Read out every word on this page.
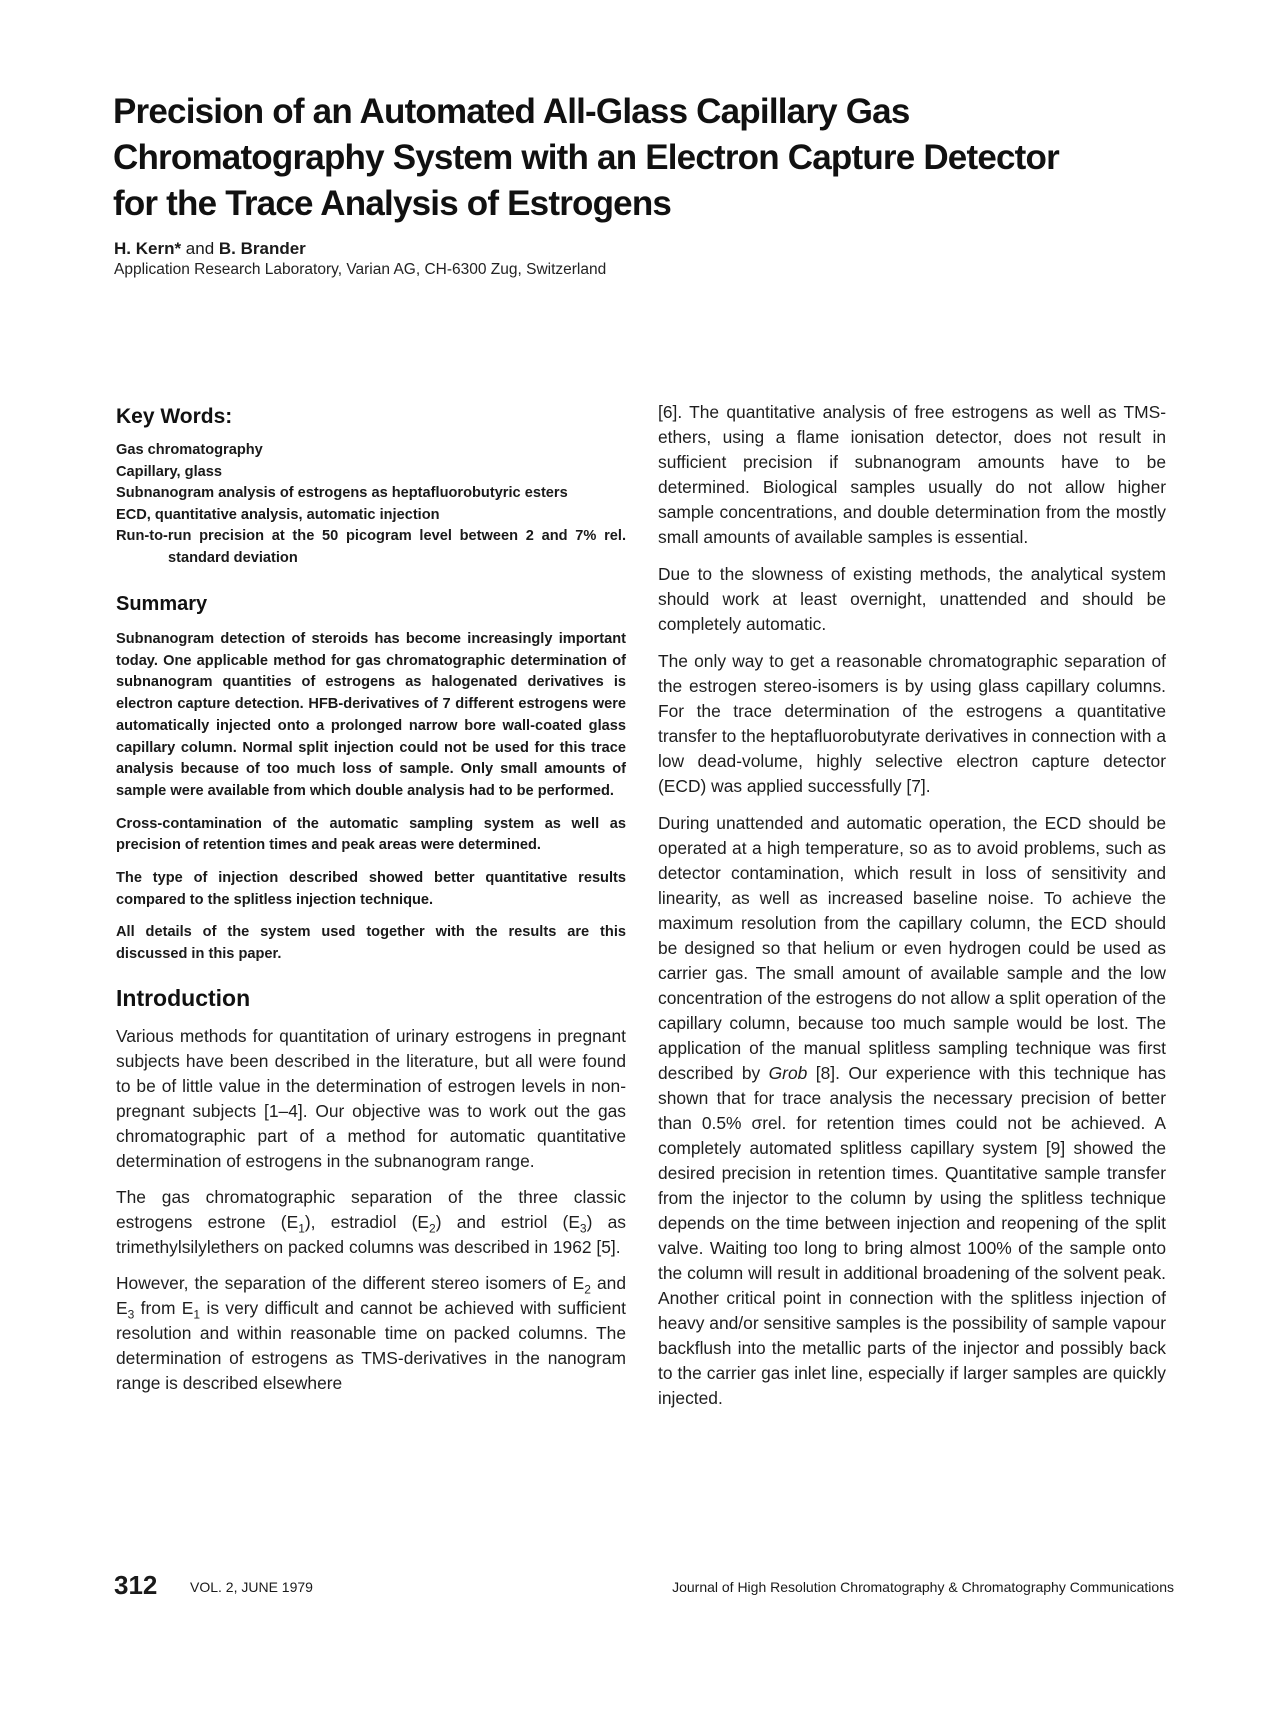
Precision of an Automated All-Glass Capillary Gas
Chromatography System with an Electron Capture Detector
for the Trace Analysis of Estrogens
H. Kern* and B. Brander
Application Research Laboratory, Varian AG, CH-6300 Zug, Switzerland
Key Words:
Gas chromatography
Capillary, glass
Subnanogram analysis of estrogens as heptafluorobutyric esters
ECD, quantitative analysis, automatic injection
Run-to-run precision at the 50 picogram level between 2 and 7% rel. standard deviation
Summary

Subnanogram detection of steroids has become increasingly important today. One applicable method for gas chromatographic determination of subnanogram quantities of estrogens as halogenated derivatives is electron capture detection. HFB-derivatives of 7 different estrogens were automatically injected onto a prolonged narrow bore wall-coated glass capillary column. Normal split injection could not be used for this trace analysis because of too much loss of sample. Only small amounts of sample were available from which double analysis had to be performed.

Cross-contamination of the automatic sampling system as well as precision of retention times and peak areas were determined.

The type of injection described showed better quantitative results compared to the splitless injection technique.

All details of the system used together with the results are this discussed in this paper.

Introduction

Various methods for quantitation of urinary estrogens in pregnant subjects have been described in the literature, but all were found to be of little value in the determination of estrogen levels in non-pregnant subjects [1–4]. Our objective was to work out the gas chromatographic part of a method for automatic quantitative determination of estrogens in the subnanogram range.

The gas chromatographic separation of the three classic estrogens estrone $(E_1)$, estradiol $(E_2)$ and estriol $(E_3)$ as trimethylsilylethers on packed columns was described in 1962 [5].

However, the separation of the different stereo isomers of $E_2$ and $E_3$ from $E_1$ is very difficult and cannot be achieved with sufficient resolution and within reasonable time on packed columns. The determination of estrogens as TMS-derivatives in the nanogram range is described elsewhere

[6]. The quantitative analysis of free estrogens as well as TMS-ethers, using a flame ionisation detector, does not result in sufficient precision if subnanogram amounts have to be determined. Biological samples usually do not allow higher sample concentrations, and double determination from the mostly small amounts of available samples is essential.

Due to the slowness of existing methods, the analytical system should work at least overnight, unattended and should be completely automatic.

The only way to get a reasonable chromatographic separation of the estrogen stereo-isomers is by using glass capillary columns. For the trace determination of the estrogens a quantitative transfer to the heptafluorobutyrate derivatives in connection with a low dead-volume, highly selective electron capture detector (ECD) was applied successfully [7].

During unattended and automatic operation, the ECD should be operated at a high temperature, so as to avoid problems, such as detector contamination, which result in loss of sensitivity and linearity, as well as increased baseline noise. To achieve the maximum resolution from the capillary column, the ECD should be designed so that helium or even hydrogen could be used as carrier gas. The small amount of available sample and the low concentration of the estrogens do not allow a split operation of the capillary column, because too much sample would be lost. The application of the manual splitless sampling technique was first described by Grob [8]. Our experience with this technique has shown that for trace analysis the necessary precision of better than 0.5% σrel. for retention times could not be achieved. A completely automated splitless capillary system [9] showed the desired precision in retention times. Quantitative sample transfer from the injector to the column by using the splitless technique depends on the time between injection and reopening of the split valve. Waiting too long to bring almost 100% of the sample onto the column will result in additional broadening of the solvent peak. Another critical point in connection with the splitless injection of heavy and/or sensitive samples is the possibility of sample vapour backflush into the metallic parts of the injector and possibly back to the carrier gas inlet line, especially if larger samples are quickly injected.

312 VOL. 2, JUNE 1979	Journal of High Resolution Chromatography & Chromatography Communications
